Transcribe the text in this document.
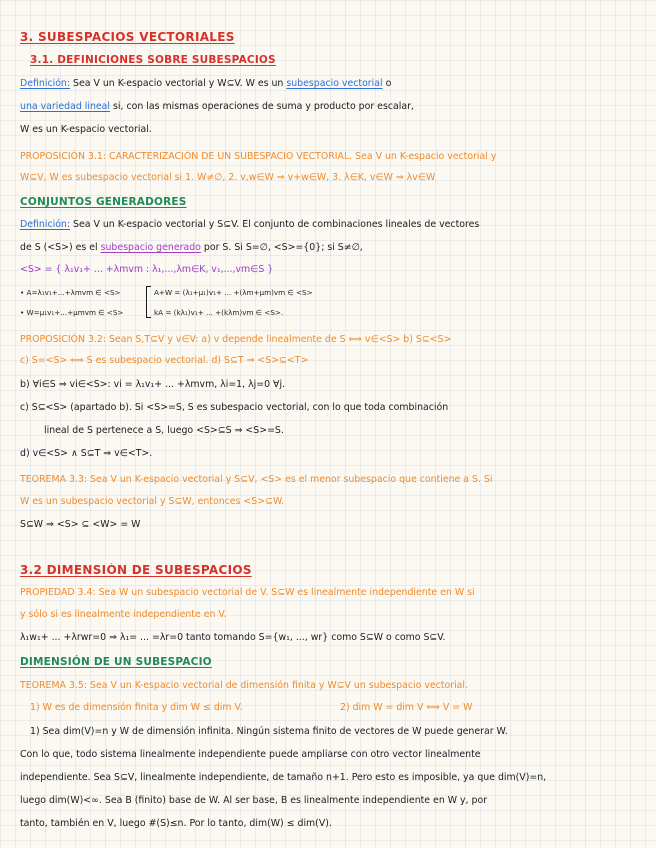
3. SUBESPACIOS VECTORIALES
3.1. DEFINICIONES SOBRE SUBESPACIOS
Definición: Sea V un K-espacio vectorial y W⊆V. W es un subespacio vectorial o
una variedad lineal si, con las mismas operaciones de suma y producto por escalar,
W es un K-espacio vectorial.
PROPOSICIÓN 3.1: CARACTERIZACIÓN DE UN SUBESPACIO VECTORIAL. Sea V un K-espacio vectorial y
W⊆V, W es subespacio vectorial si 1. W≠∅, 2. v,w∈W ⇒ v+w∈W, 3. λ∈K, v∈W ⇒ λv∈W
CONJUNTOS GENERADORES
Definición: Sea V un K-espacio vectorial y S⊆V. El conjunto de combinaciones lineales de vectores
de S (<S>) es el subespacio generado por S. Si S=∅, <S>={0}; si S≠∅,
<S> = { λ₁v₁+ ... +λmvm : λ₁,...,λm∈K, v₁,...,vm∈S }
• A=λ₁v₁+...+λmvm ∈ <S>	A+W = (λ₁+μ₁)v₁+ ... +(λm+μm)vm ∈ <S>
• W=μ₁v₁+...+μmvm ∈ <S>	kA = (kλ₁)v₁+ ... +(kλm)vm ∈ <S>.
PROPOSICIÓN 3.2: Sean S,T⊆V y v∈V: a) v depende linealmente de S ⟺ v∈<S> b) S⊆<S>
c) S=<S> ⟺ S es subespacio vectorial. d) S⊆T ⇒ <S>⊆<T>
b) ∀i∈S ⇒ vi∈<S>: vi = λ₁v₁+ ... +λmvm, λi=1, λj=0 ∀j.
c) S⊆<S> (apartado b). Si <S>=S, S es subespacio vectorial, con lo que toda combinación
lineal de S pertenece a S, luego <S>⊆S ⇒ <S>=S.
d) v∈<S> ∧ S⊆T ⇒ v∈<T>.
TEOREMA 3.3: Sea V un K-espacio vectorial y S⊆V, <S> es el menor subespacio que contiene a S. Si
W es un subespacio vectorial y S⊆W, entonces <S>⊆W.
S⊆W ⇒ <S> ⊆ <W> = W
3.2 DIMENSIÓN DE SUBESPACIOS
PROPIEDAD 3.4: Sea W un subespacio vectorial de V. S⊆W es linealmente independiente en W si
y sólo si es linealmente independiente en V.
λ₁w₁+ ... +λrwr=0 ⇒ λ₁= ... =λr=0 tanto tomando S={w₁, ..., wr} como S⊆W o como S⊆V.
DIMENSIÓN DE UN SUBESPACIO
TEOREMA 3.5: Sea V un K-espacio vectorial de dimensión finita y W⊆V un subespacio vectorial.
1) W es de dimensión finita y dim W ≤ dim V.	2) dim W = dim V ⟺ V = W
1) Sea dim(V)=n y W de dimensión infinita. Ningún sistema finito de vectores de W puede generar W.
Con lo que, todo sistema linealmente independiente puede ampliarse con otro vector linealmente
independiente. Sea S⊆V, linealmente independiente, de tamaño n+1. Pero esto es imposible, ya que dim(V)=n,
luego dim(W)<∞. Sea B (finito) base de W. Al ser base, B es linealmente independiente en W y, por
tanto, también en V, luego #(S)≤n. Por lo tanto, dim(W) ≤ dim(V).
